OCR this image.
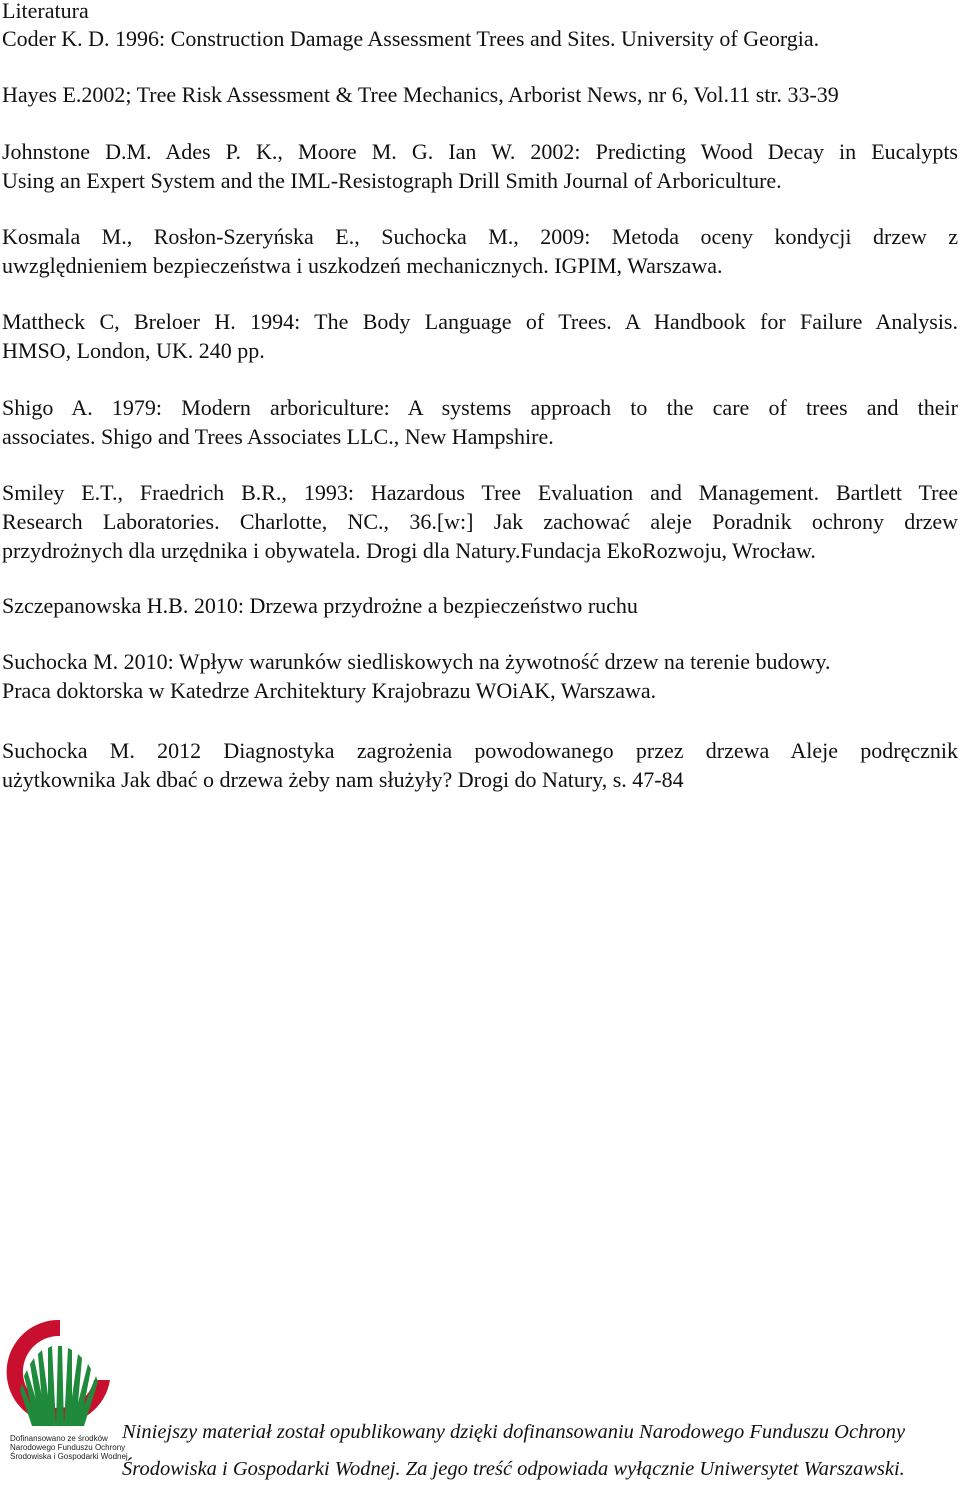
Literatura
Coder K. D. 1996: Construction Damage Assessment Trees and Sites. University of Georgia.
Hayes E.2002; Tree Risk Assessment & Tree Mechanics, Arborist News, nr 6, Vol.11 str. 33-39
Johnstone D.M. Ades P. K., Moore M. G. Ian W. 2002: Predicting Wood Decay in Eucalypts
Using an Expert System and the IML-Resistograph Drill Smith Journal of Arboriculture.
Kosmala M., Rosłon-Szeryńska E., Suchocka M., 2009: Metoda oceny kondycji drzew z
uwzględnieniem bezpieczeństwa i uszkodzeń mechanicznych. IGPIM, Warszawa.
Mattheck C, Breloer H. 1994: The Body Language of Trees. A Handbook for Failure Analysis.
HMSO, London, UK. 240 pp.
Shigo A. 1979: Modern arboriculture: A systems approach to the care of trees and their
associates. Shigo and Trees Associates LLC., New Hampshire.
Smiley E.T., Fraedrich B.R., 1993: Hazardous Tree Evaluation and Management. Bartlett Tree
Research Laboratories. Charlotte, NC., 36.[w:] Jak zachować aleje Poradnik ochrony drzew
przydrożnych dla urzędnika i obywatela. Drogi dla Natury.Fundacja EkoRozwoju, Wrocław.
Szczepanowska H.B. 2010: Drzewa przydrożne a bezpieczeństwo ruchu
Suchocka M. 2010: Wpływ warunków siedliskowych na żywotność drzew na terenie budowy.
Praca doktorska w Katedrze Architektury Krajobrazu WOiAK, Warszawa.
Suchocka M. 2012 Diagnostyka zagrożenia powodowanego przez drzewa Aleje podręcznik
użytkownika Jak dbać o drzewa żeby nam służyły? Drogi do Natury, s. 47-84
Dofinansowano ze środków
Narodowego Funduszu Ochrony
Środowiska i Gospodarki Wodnej
Niniejszy materiał został opublikowany dzięki dofinansowaniu Narodowego Funduszu Ochrony
Środowiska i Gospodarki Wodnej. Za jego treść odpowiada wyłącznie Uniwersytet Warszawski.
